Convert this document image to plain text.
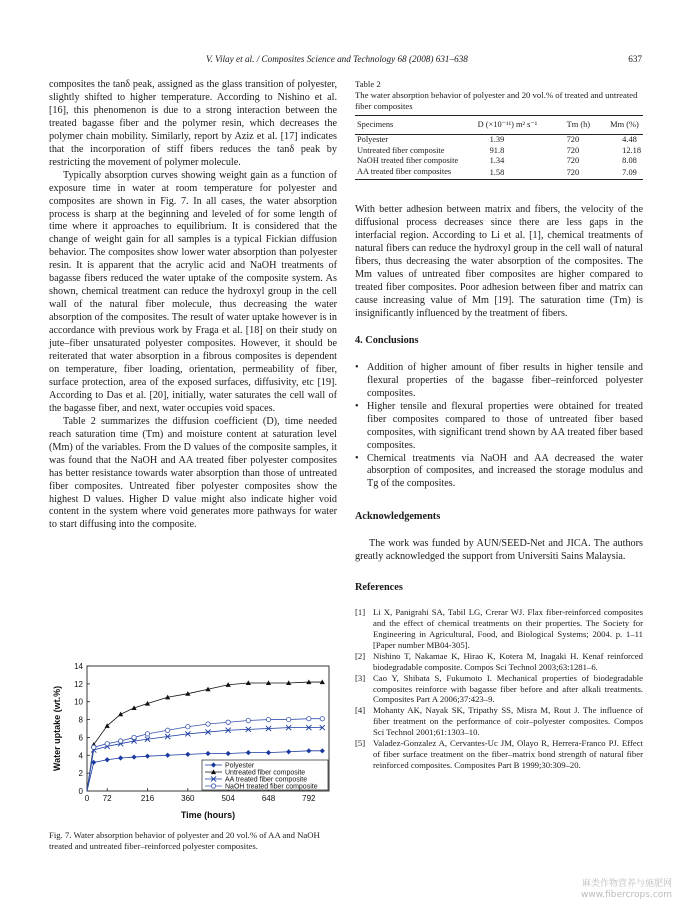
V. Vilay et al. / Composites Science and Technology 68 (2008) 631–638	637

composites the tanδ peak, assigned as the glass transition of polyester, slightly shifted to higher temperature. According to Nishino et al. [16], this phenomenon is due to a strong interaction between the treated bagasse fiber and the polymer resin, which decreases the polymer chain mobility. Similarly, report by Aziz et al. [17] indicates that the incorporation of stiff fibers reduces the tanδ peak by restricting the movement of polymer molecule.

Typically absorption curves showing weight gain as a function of exposure time in water at room temperature for polyester and composites are shown in Fig. 7. In all cases, the water absorption process is sharp at the beginning and leveled of for some length of time where it approaches to equilibrium. It is considered that the change of weight gain for all samples is a typical Fickian diffusion behavior. The composites show lower water absorption than polyester resin. It is apparent that the acrylic acid and NaOH treatments of bagasse fibers reduced the water uptake of the composite system. As shown, chemical treatment can reduce the hydroxyl group in the cell wall of the natural fiber molecule, thus decreasing the water absorption of the composites. The result of water uptake however is in accordance with previous work by Fraga et al. [18] on their study on jute–fiber unsaturated polyester composites. However, it should be reiterated that water absorption in a fibrous composites is dependent on temperature, fiber loading, orientation, permeability of fiber, surface protection, area of the exposed surfaces, diffusivity, etc [19]. According to Das et al. [20], initially, water saturates the cell wall of the bagasse fiber, and next, water occupies void spaces.

Table 2 summarizes the diffusion coefficient (D), time needed reach saturation time (Tm) and moisture content at saturation level (Mm) of the variables. From the D values of the composite samples, it was found that the NaOH and AA treated fiber polyester composites has better resistance towards water absorption than those of untreated fiber composites. Untreated fiber polyester composites show the highest D values. Higher D value might also indicate higher void content in the system where void generates more pathways for water to start diffusing into the composite.

Table 2
The water absorption behavior of polyester and 20 vol.% of treated and untreated fiber composites
Specimens	D (×10⁻¹¹) m² s⁻¹	Tm (h)	Mm (%)
Polyester	1.39	720	4.48
Untreated fiber composite	91.8	720	12.18
NaOH treated fiber composite	1.34	720	8.08
AA treated fiber composites	1.58	720	7.09

With better adhesion between matrix and fibers, the velocity of the diffusional process decreases since there are less gaps in the interfacial region. According to Li et al. [1], chemical treatments of natural fibers can reduce the hydroxyl group in the cell wall of natural fibers, thus decreasing the water absorption of the composites. The Mm values of untreated fiber composites are higher compared to treated fiber composites. Poor adhesion between fiber and matrix can cause increasing value of Mm [19]. The saturation time (Tm) is insignificantly influenced by the treatment of fibers.

4. Conclusions
• Addition of higher amount of fiber results in higher tensile and flexural properties of the bagasse fiber–reinforced polyester composites.
• Higher tensile and flexural properties were obtained for treated fiber composites compared to those of untreated fiber based composites, with significant trend shown by AA treated fiber based composites.
• Chemical treatments via NaOH and AA decreased the water absorption of composites, and increased the storage modulus and Tg of the composites.
Acknowledgements

The work was funded by AUN/SEED-Net and JICA. The authors greatly acknowledged the support from Universiti Sains Malaysia.

References
[1] Li X, Panigrahi SA, Tabil LG, Crerar WJ. Flax fiber-reinforced composites and the effect of chemical treatments on their properties. The Society for Engineering in Agricultural, Food, and Biological Systems; 2004. p. 1–11 [Paper number MB04-305].
[2] Nishino T, Nakamae K, Hirao K, Kotera M, Inagaki H. Kenaf reinforced biodegradable composite. Compos Sci Technol 2003;63:1281–6.
[3] Cao Y, Shibata S, Fukumoto I. Mechanical properties of biodegradable composites reinforce with bagasse fiber before and after alkali treatments. Composites Part A 2006;37:423–9.
[4] Mohanty AK, Nayak SK, Tripathy SS, Misra M, Rout J. The influence of fiber treatment on the performance of coir–polyester composites. Compos Sci Technol 2001;61:1303–10.
[5] Valadez-Gonzalez A, Cervantes-Uc JM, Olayo R, Herrera-Franco PJ. Effect of fiber surface treatment on the fiber–matrix bond strength of natural fiber reinforced composites. Composites Part B 1999;30:309–20.
0
2
4
6
8
10
12
14
0 72	216	360	504	648	792
Time (hours)
Water uptake (wt.%)	Polyester
Untreated fiber composite
AA treated fiber composite
NaOH treated fiber composite
Fig. 7. Water absorption behavior of polyester and 20 vol.% of AA and NaOH treated and untreated fiber–reinforced polyester composites.
麻类作物营养与施肥网
www.fibercrops.com
